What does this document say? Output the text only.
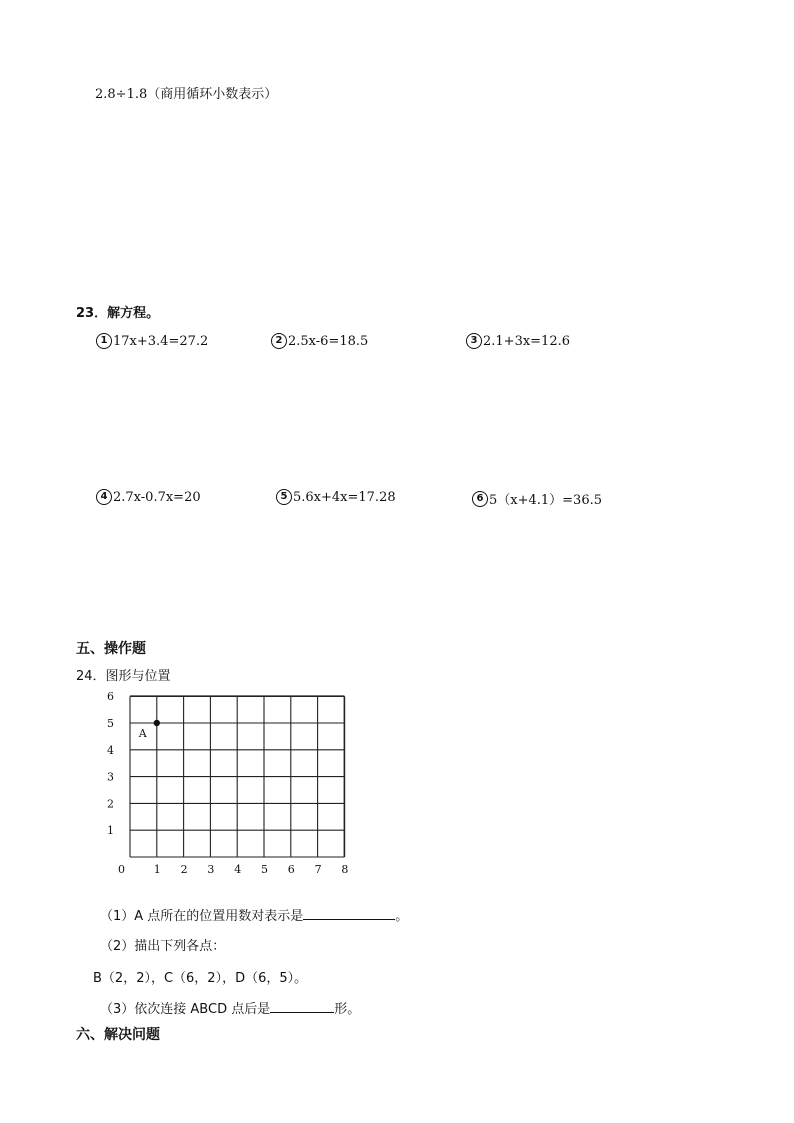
2.8÷1.8（商用循环小数表示）
23．解方程。
1 17x+3.4=27.2	2 2.5x-6=18.5	3 2.1+3x=12.6
4 2.7x-0.7x=20	5 5.6x+4x=17.28	6 5（x+4.1）=36.5
五、操作题
24．图形与位置
0	1 2 3 4 5 6 7 8
1
2
3
4
5
6
A
（1）A 点所在的位置用数对表示是	。
（2）描出下列各点：
B（2，2），C（6，2），D（6，5）。
（3）依次连接 ABCD 点后是	形。
六、解决问题
